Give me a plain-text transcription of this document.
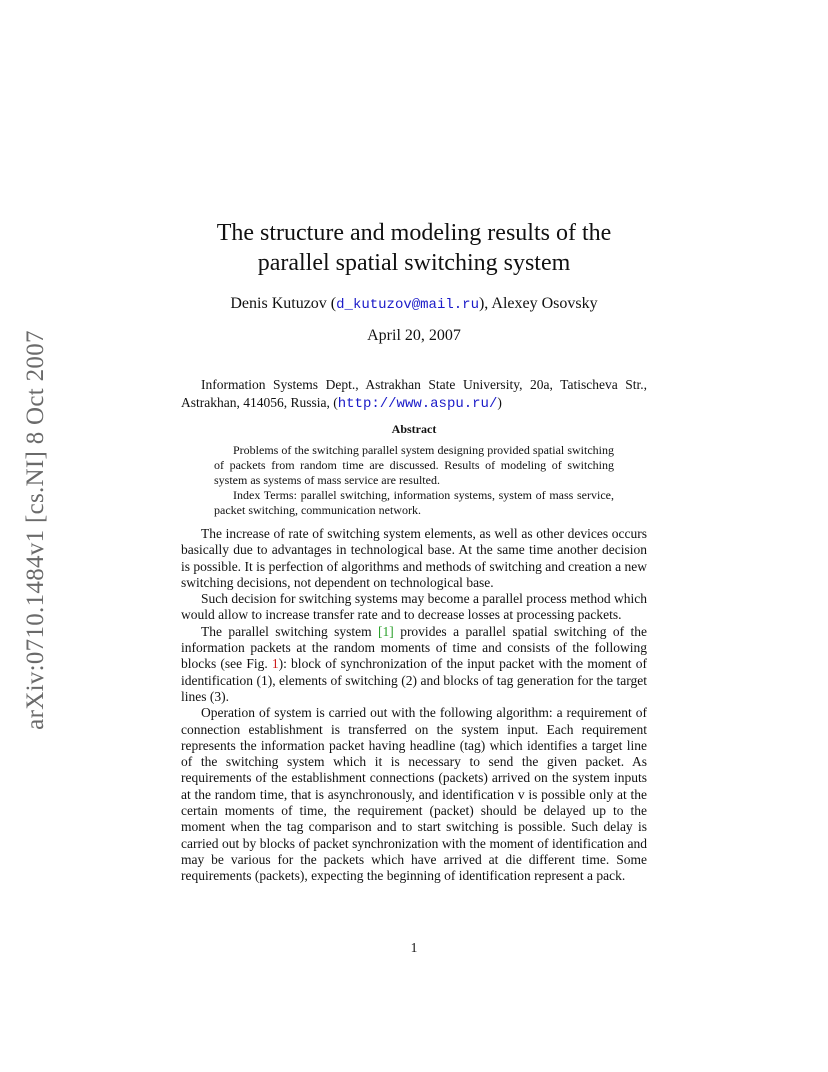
arXiv:0710.1484v1 [cs.NI] 8 Oct 2007
The structure and modeling results of the parallel spatial switching system
Denis Kutuzov (d_kutuzov@mail.ru), Alexey Osovsky
April 20, 2007
Information Systems Dept., Astrakhan State University, 20a, Tatischeva Str., Astrakhan, 414056, Russia, (http://www.aspu.ru/)
Abstract

Problems of the switching parallel system designing provided spatial switching of packets from random time are discussed. Results of modeling of switching system as systems of mass service are resulted.

Index Terms: parallel switching, information systems, system of mass service, packet switching, communication network.

The increase of rate of switching system elements, as well as other devices occurs basically due to advantages in technological base. At the same time another decision is possible. It is perfection of algorithms and methods of switching and creation a new switching decisions, not dependent on technological base.

Such decision for switching systems may become a parallel process method which would allow to increase transfer rate and to decrease losses at processing packets.

The parallel switching system [1] provides a parallel spatial switching of the information packets at the random moments of time and consists of the following blocks (see Fig. 1): block of synchronization of the input packet with the moment of identification (1), elements of switching (2) and blocks of tag generation for the target lines (3).

Operation of system is carried out with the following algorithm: a requirement of connection establishment is transferred on the system input. Each requirement represents the information packet having headline (tag) which identifies a target line of the switching system which it is necessary to send the given packet. As requirements of the establishment connections (packets) arrived on the system inputs at the random time, that is asynchronously, and identification v is possible only at the certain moments of time, the requirement (packet) should be delayed up to the moment when the tag comparison and to start switching is possible. Such delay is carried out by blocks of packet synchronization with the moment of identification and may be various for the packets which have arrived at die different time. Some requirements (packets), expecting the beginning of identification represent a pack.

1
